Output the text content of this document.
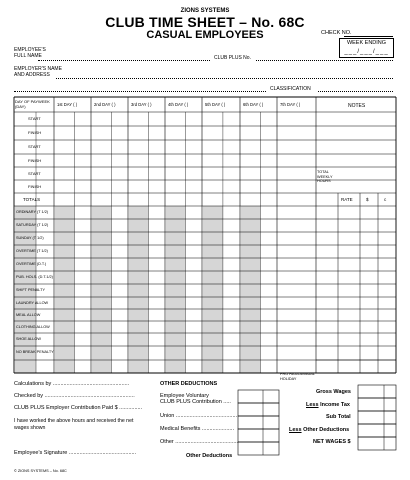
ZIONS SYSTEMS
CLUB TIME SHEET – No. 68C
CASUAL EMPLOYEES	CHECK NO.
WEEK ENDING
___/___/___
EMPLOYEE'S
FULL NAME	CLUB PLUS No.
EMPLOYER'S NAME
AND ADDRESS
CLASSIFICATION
DAY OF PAYWEEK (DAY)	1st DAY ( )	2nd DAY ( )	3rd DAY ( )	4th DAY ( )	5th DAY ( )	6th DAY ( )	7th DAY ( )	NOTES
START
FINISH
START
FINISH
START
FINISH
TOTALS
TOTAL WEEKLY HOURS
RATE	$	c
ORDINARY (T 1/2)
SATURDAY (T 1/2)
SUNDAY (T 1/2)
OVERTIME (T 1/2)
OVERTIME (D.T.)
PUB. HOLS. (D.T.1/2)
SHIFT PENALTY
LAUNDRY ALLOW
MEAL ALLOW
CLOTHING ALLOW
SHOE ALLOW
NO BREAK PENALTY
PRO RATA ANNUAL HOLIDAY
Calculations by ..................................................
Checked by ...........................................................
CLUB PLUS Employer Contribution Paid $ ...............
I have worked the above hours and received the net
wages shown
Employee's Signature ............................................
© ZIONS SYSTEMS – No. 68C
OTHER DEDUCTIONS
Employee Voluntary
CLUB PLUS Contribution .....
Union ........................................
Medical Benefits .....................
Other .........................................
Other Deductions
Gross Wages
Less Income Tax
Sub Total
Less Other Deductions
NET WAGES $
